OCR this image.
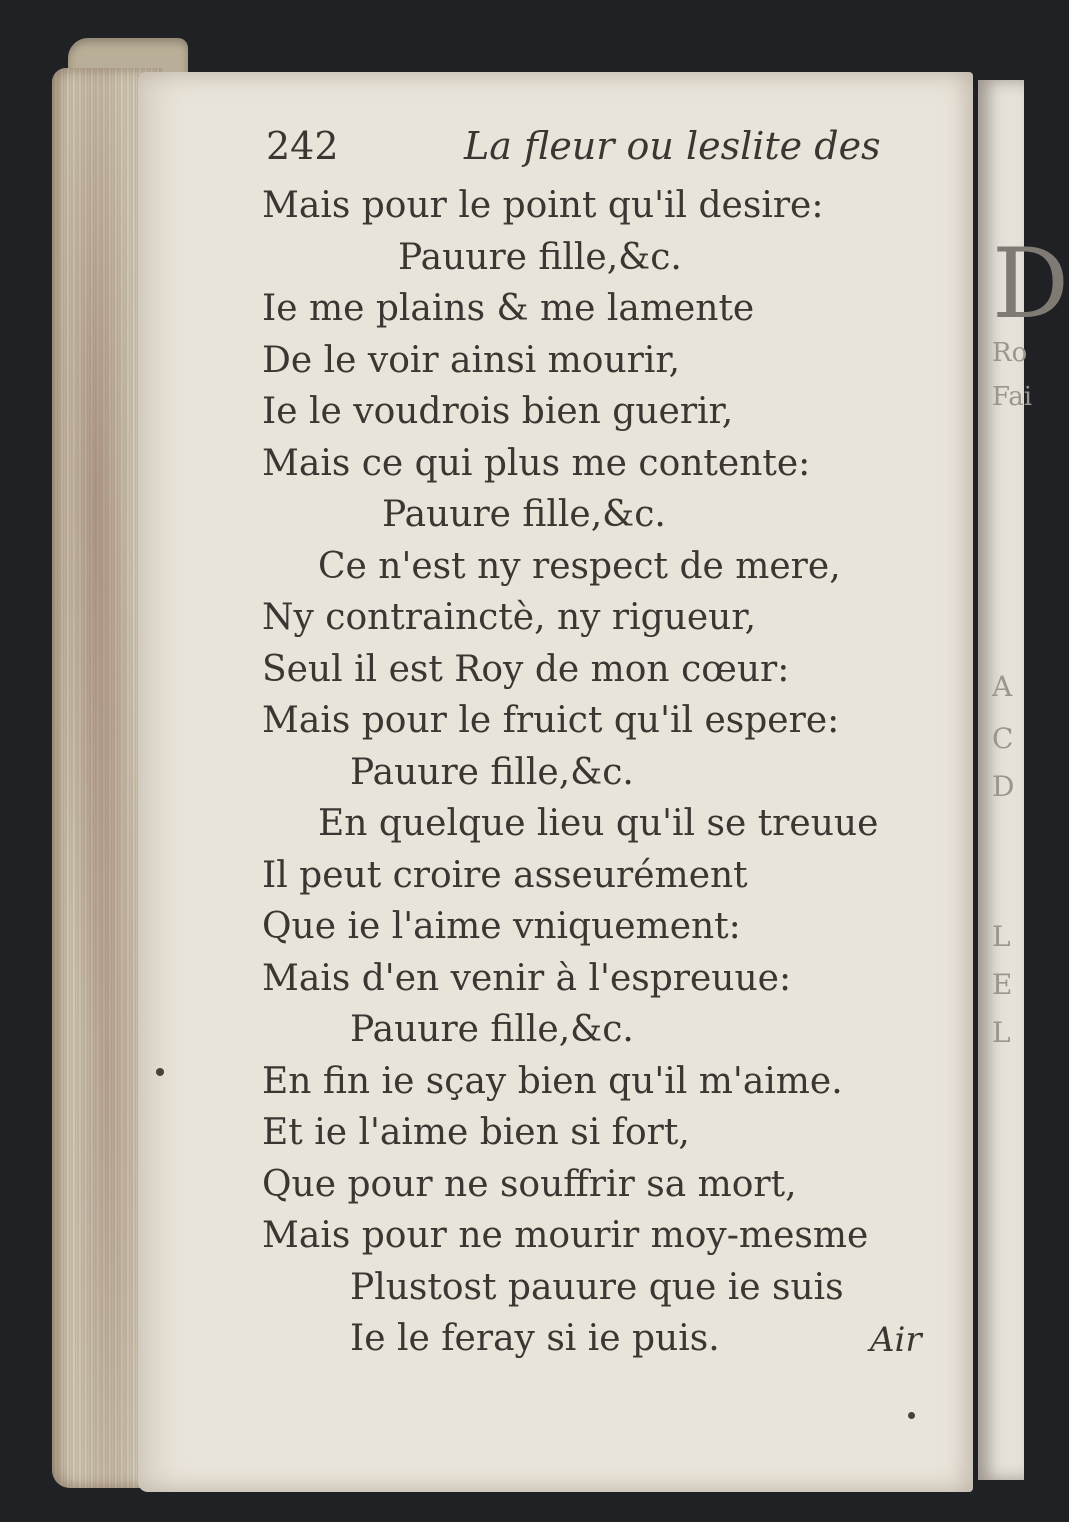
D
Ro
Fai
A
C
D
L
E
L
242	La fleur ou leslite des
Mais pour le point qu'il desire:
Pauure fille,&c.
Ie me plains & me lamente
De le voir ainsi mourir,
Ie le voudrois bien guerir,
Mais ce qui plus me contente:
Pauure fille,&c.
Ce n'est ny respect de mere,
Ny contrainctè, ny rigueur,
Seul il est Roy de mon cœur:
Mais pour le fruict qu'il espere:
Pauure fille,&c.
En quelque lieu qu'il se treuue
Il peut croire asseurément
Que ie l'aime vniquement:
Mais d'en venir à l'espreuue:
Pauure fille,&c.
En fin ie sçay bien qu'il m'aime.
Et ie l'aime bien si fort,
Que pour ne souffrir sa mort,
Mais pour ne mourir moy-mesme
Plustost pauure que ie suis
Ie le feray si ie puis.	Air
